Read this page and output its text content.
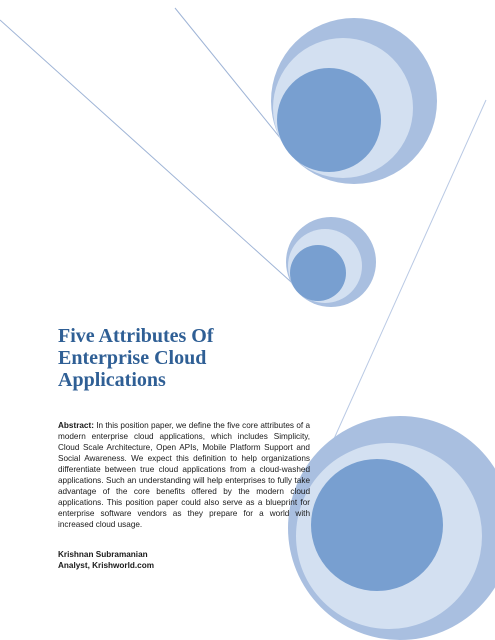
Five Attributes Of
Enterprise Cloud
Applications

Abstract: In this position paper, we define the five core attributes of a modern enterprise cloud applications, which includes Simplicity, Cloud Scale Architecture, Open APIs, Mobile Platform Support and Social Awareness. We expect this definition to help organizations differentiate between true cloud applications from a cloud-washed applications. Such an understanding will help enterprises to fully take advantage of the core benefits offered by the modern cloud applications. This position paper could also serve as a blueprint for enterprise software vendors as they prepare for a world with increased cloud usage.

Krishnan Subramanian
Analyst, Krishworld.com
